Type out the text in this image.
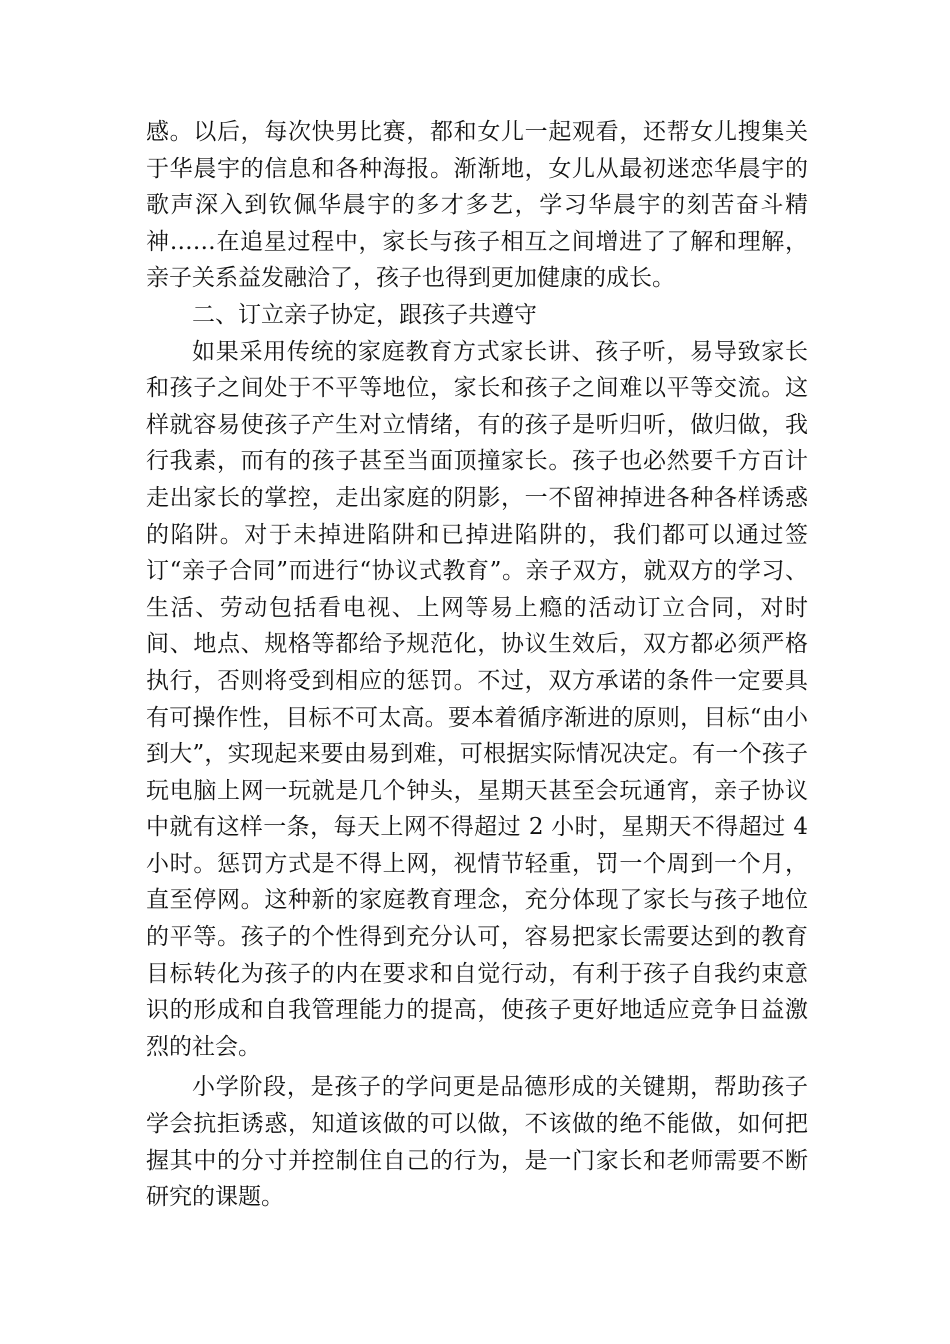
感。以后，每次快男比赛，都和女儿一起观看，还帮女儿搜集关于华晨宇的信息和各种海报。渐渐地，女儿从最初迷恋华晨宇的歌声深入到钦佩华晨宇的多才多艺，学习华晨宇的刻苦奋斗精神……在追星过程中，家长与孩子相互之间增进了了解和理解，亲子关系益发融洽了，孩子也得到更加健康的成长。

二、订立亲子协定，跟孩子共遵守

如果采用传统的家庭教育方式家长讲、孩子听，易导致家长和孩子之间处于不平等地位，家长和孩子之间难以平等交流。这样就容易使孩子产生对立情绪，有的孩子是听归听，做归做，我行我素，而有的孩子甚至当面顶撞家长。孩子也必然要千方百计走出家长的掌控，走出家庭的阴影，一不留神掉进各种各样诱惑的陷阱。对于未掉进陷阱和已掉进陷阱的，我们都可以通过签订“亲子合同”而进行“协议式教育”。亲子双方，就双方的学习、生活、劳动包括看电视、上网等易上瘾的活动订立合同，对时间、地点、规格等都给予规范化，协议生效后，双方都必须严格执行，否则将受到相应的惩罚。不过，双方承诺的条件一定要具有可操作性，目标不可太高。要本着循序渐进的原则，目标“由小到大”，实现起来要由易到难，可根据实际情况决定。有一个孩子玩电脑上网一玩就是几个钟头，星期天甚至会玩通宵，亲子协议中就有这样一条，每天上网不得超过 2 小时，星期天不得超过 4 小时。惩罚方式是不得上网，视情节轻重，罚一个周到一个月，直至停网。这种新的家庭教育理念，充分体现了家长与孩子地位的平等。孩子的个性得到充分认可，容易把家长需要达到的教育目标转化为孩子的内在要求和自觉行动，有利于孩子自我约束意识的形成和自我管理能力的提高，使孩子更好地适应竞争日益激烈的社会。

小学阶段，是孩子的学问更是品德形成的关键期，帮助孩子学会抗拒诱惑，知道该做的可以做，不该做的绝不能做，如何把握其中的分寸并控制住自己的行为，是一门家长和老师需要不断研究的课题。
